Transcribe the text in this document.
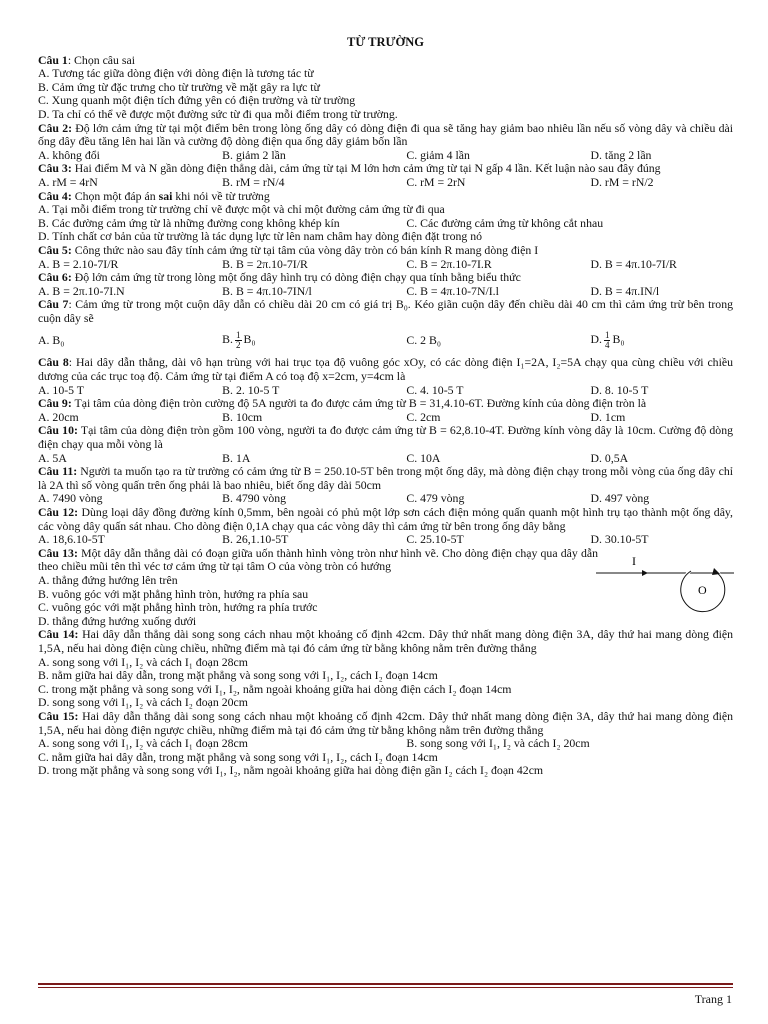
TỪ TRƯỜNG
Câu 1: Chọn câu sai
A. Tương tác giữa dòng điện với dòng điện là tương tác từ
B. Cảm ứng từ đặc trưng cho từ trường về mặt gây ra lực từ
C. Xung quanh một điện tích đứng yên có điện trường và từ trường
D. Ta chỉ có thể vẽ được một đường sức từ đi qua mỗi điểm trong từ trường.
Câu 2: Độ lớn cảm ứng từ tại một điểm bên trong lòng ống dây có dòng điện đi qua sẽ tăng hay giảm bao nhiêu lần nếu số vòng dây và chiều dài ống dây đều tăng lên hai lần và cường độ dòng điện qua ống dây giảm bốn lần
A. không đổi	B. giảm 2 lần	C. giảm 4 lần	D. tăng 2 lần
Câu 3: Hai điểm M và N gần dòng điện thẳng dài, cảm ứng từ tại M lớn hơn cảm ứng từ tại N gấp 4 lần. Kết luận nào sau đây đúng
A. rM = 4rN	B. rM = rN/4	C. rM = 2rN	D. rM = rN/2
Câu 4: Chọn một đáp án sai khi nói về từ trường
A. Tại mỗi điểm trong từ trường chỉ vẽ được một và chỉ một đường cảm ứng từ đi qua
B. Các đường cảm ứng từ là những đường cong không khép kín	C. Các đường cảm ứng từ không cắt nhau
D. Tính chất cơ bản của từ trường là tác dụng lực từ lên nam châm hay dòng điện đặt trong nó
Câu 5: Công thức nào sau đây tính cảm ứng từ tại tâm của vòng dây tròn có bán kính R mang dòng điện I
A. B = 2.10-7I/R	B. B = 2π.10-7I/R	C. B = 2π.10-7I.R	D. B = 4π.10-7I/R
Câu 6: Độ lớn cảm ứng từ trong lòng một ống dây hình trụ có dòng điện chạy qua tính bằng biểu thức
A. B = 2π.10-7I.N	B. B = 4π.10-7IN/l	C. B = 4π.10-7N/I.l	D. B = 4π.IN/l
Câu 7: Cảm ứng từ trong một cuộn dây dẫn có chiều dài 20 cm có giá trị B₀. Kéo giãn cuộn dây đến chiều dài 40 cm thì cảm ứng trừ bên trong cuộn dây sẽ
A. B₀	B. $\frac{1}{2} B_0$	C. 2 B₀	D. $\frac{1}{4} B_0$
Câu 8: Hai dây dẫn thẳng, dài vô hạn trùng với hai trục tọa độ vuông góc xOy, có các dòng điện I₁=2A, I₂=5A chạy qua cùng chiều với chiều dương của các trục toạ độ. Cảm ứng từ tại điểm A có toạ độ x=2cm, y=4cm là
A. 10-5 T	B. 2. 10-5 T	C. 4. 10-5 T	D. 8. 10-5 T
Câu 9: Tại tâm của dòng điện tròn cường độ 5A người ta đo được cảm ứng từ B = 31,4.10-6T. Đường kính của dòng điện tròn là
A. 20cm	B. 10cm	C. 2cm	D. 1cm
Câu 10: Tại tâm của dòng điện tròn gồm 100 vòng, người ta đo được cảm ứng từ B = 62,8.10-4T. Đường kính vòng dây là 10cm. Cường độ dòng điện chạy qua mỗi vòng là
A. 5A	B. 1A	C. 10A	D. 0,5A
Câu 11: Người ta muốn tạo ra từ trường có cảm ứng từ B = 250.10-5T bên trong một ống dây, mà dòng điện chạy trong mỗi vòng của ống dây chỉ là 2A thì số vòng quấn trên ống phải là bao nhiêu, biết ống dây dài 50cm
A. 7490 vòng	B. 4790 vòng	C. 479 vòng	D. 497 vòng
Câu 12: Dùng loại dây đồng đường kính 0,5mm, bên ngoài có phủ một lớp sơn cách điện mỏng quấn quanh một hình trụ tạo thành một ống dây, các vòng dây quấn sát nhau. Cho dòng điện 0,1A chạy qua các vòng dây thì cảm ứng từ bên trong ống dây bằng
A. 18,6.10-5T	B. 26,1.10-5T	C. 25.10-5T	D. 30.10-5T
Câu 13: Một dây dẫn thẳng dài có đoạn giữa uốn thành hình vòng tròn như hình vẽ. Cho dòng điện chạy qua dây dẫn theo chiều mũi tên thì véc tơ cảm ứng từ tại tâm O của vòng tròn có hướng
A. thẳng đứng hướng lên trên
B. vuông góc với mặt phẳng hình tròn, hướng ra phía sau
C. vuông góc với mặt phẳng hình tròn, hướng ra phía trước
D. thẳng đứng hướng xuống dưới
I
O
Câu 14: Hai dây dẫn thẳng dài song song cách nhau một khoảng cố định 42cm. Dây thứ nhất mang dòng điện 3A, dây thứ hai mang dòng điện 1,5A, nếu hai dòng điện cùng chiều, những điểm mà tại đó cảm ứng từ bằng không nằm trên đường thẳng
A. song song với I₁, I₂ và cách I₁ đoạn 28cm
B. nằm giữa hai dây dẫn, trong mặt phẳng và song song với I₁, I₂, cách I₂ đoạn 14cm
C. trong mặt phẳng và song song với I₁, I₂, nằm ngoài khoảng giữa hai dòng điện cách I₂ đoạn 14cm
D. song song với I₁, I₂ và cách I₂ đoạn 20cm
Câu 15: Hai dây dẫn thẳng dài song song cách nhau một khoảng cố định 42cm. Dây thứ nhất mang dòng điện 3A, dây thứ hai mang dòng điện 1,5A, nếu hai dòng điện ngược chiều, những điểm mà tại đó cảm ứng từ bằng không nằm trên đường thẳng
A. song song với I₁, I₂ và cách I₁ đoạn 28cm	B. song song với I₁, I₂ và cách I₂ 20cm
C. nằm giữa hai dây dẫn, trong mặt phẳng và song song với I₁, I₂, cách I₂ đoạn 14cm
D. trong mặt phẳng và song song với I₁, I₂, nằm ngoài khoảng giữa hai dòng điện gần I₂ cách I₂ đoạn 42cm
Trang 1
